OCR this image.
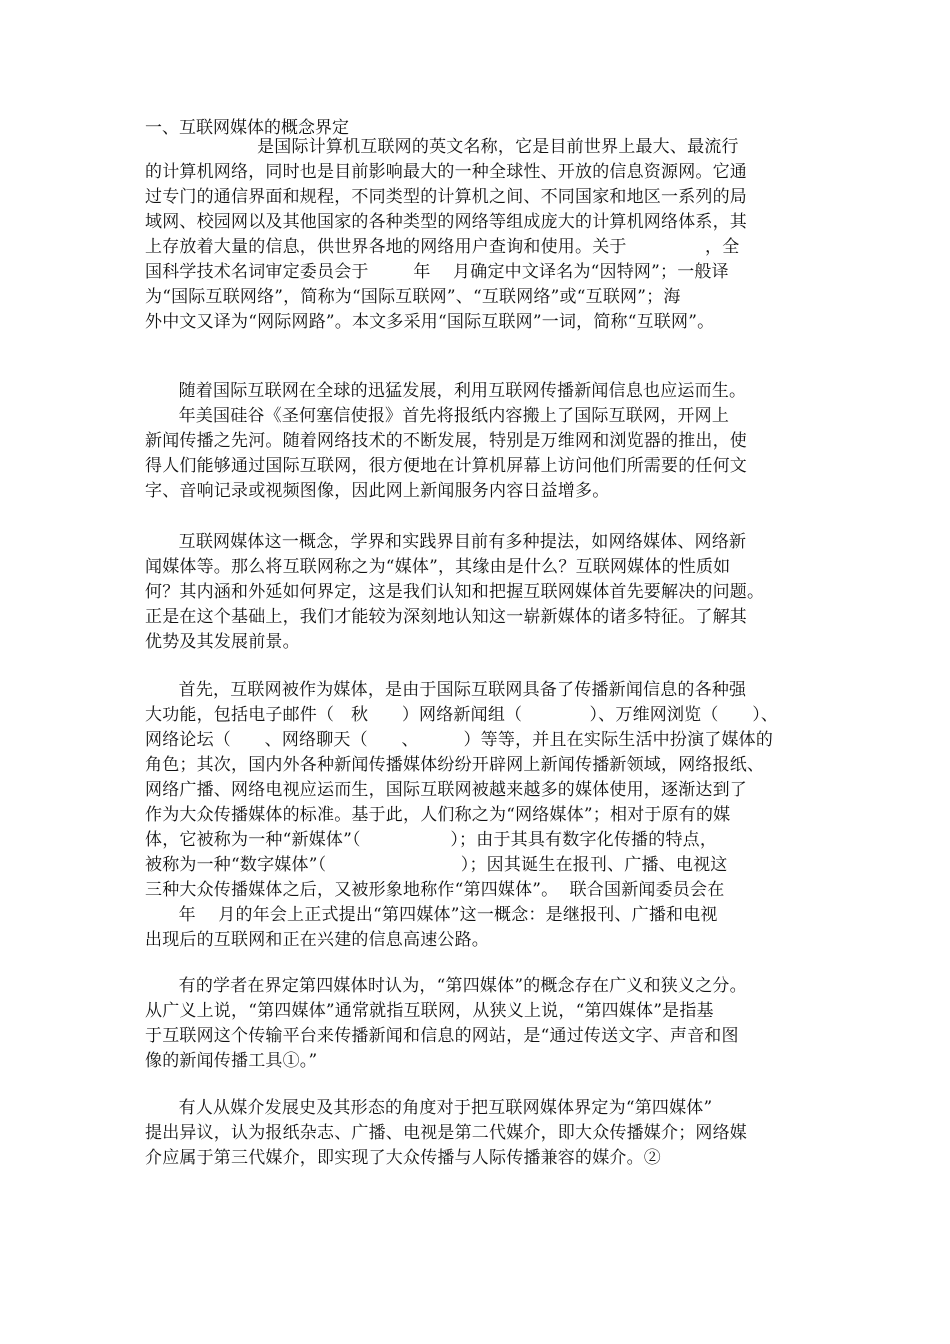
一、互联网媒体的概念界定
是国际计算机互联网的英文名称，它是目前世界上最大、最流行
的计算机网络，同时也是目前影响最大的一种全球性、开放的信息资源网。它通
过专门的通信界面和规程，不同类型的计算机之间、不同国家和地区一系列的局
域网、校园网以及其他国家的各种类型的网络等组成庞大的计算机网络体系，其
上存放着大量的信息，供世界各地的网络用户查询和使用。关于              ，全
国科学技术名词审定委员会于        年    月确定中文译名为“因特网”；一般译
为“国际互联网络”，简称为“国际互联网”、“互联网络”或“互联网”；海
外中文又译为“网际网路”。本文多采用“国际互联网”一词，简称“互联网”。
随着国际互联网在全球的迅猛发展，利用互联网传播新闻信息也应运而生。
年美国硅谷《圣何塞信使报》首先将报纸内容搬上了国际互联网，开网上
新闻传播之先河。随着网络技术的不断发展，特别是万维网和浏览器的推出，使
得人们能够通过国际互联网，很方便地在计算机屏幕上访问他们所需要的任何文
字、音响记录或视频图像，因此网上新闻服务内容日益增多。
互联网媒体这一概念，学界和实践界目前有多种提法，如网络媒体、网络新
闻媒体等。那么将互联网称之为“媒体”，其缘由是什么？互联网媒体的性质如
何？其内涵和外延如何界定，这是我们认知和把握互联网媒体首先要解决的问题。
正是在这个基础上，我们才能较为深刻地认知这一崭新媒体的诸多特征。了解其
优势及其发展前景。
首先，互联网被作为媒体，是由于国际互联网具备了传播新闻信息的各种强
大功能，包括电子邮件（   秋      ）网络新闻组（            ）、万维网浏览（      ）、
网络论坛（      、网络聊天（      、        ）等等，并且在实际生活中扮演了媒体的
角色；其次，国内外各种新闻传播媒体纷纷开辟网上新闻传播新领域，网络报纸、
网络广播、网络电视应运而生，国际互联网被越来越多的媒体使用，逐渐达到了
作为大众传播媒体的标准。基于此，人们称之为“网络媒体”；相对于原有的媒
体，它被称为一种“新媒体”（                ）；由于其具有数字化传播的特点，
被称为一种“数字媒体”（                        ）；因其诞生在报刊、广播、电视这
三种大众传播媒体之后，又被形象地称作“第四媒体”。  联合国新闻委员会在
年    月的年会上正式提出“第四媒体”这一概念：是继报刊、广播和电视
出现后的互联网和正在兴建的信息高速公路。
有的学者在界定第四媒体时认为，“第四媒体”的概念存在广义和狭义之分。
从广义上说，“第四媒体”通常就指互联网，从狭义上说，“第四媒体”是指基
于互联网这个传输平台来传播新闻和信息的网站，是“通过传送文字、声音和图
像的新闻传播工具①。”
有人从媒介发展史及其形态的角度对于把互联网媒体界定为“第四媒体”
提出异议，认为报纸杂志、广播、电视是第二代媒介，即大众传播媒介；网络媒
介应属于第三代媒介，即实现了大众传播与人际传播兼容的媒介。②
